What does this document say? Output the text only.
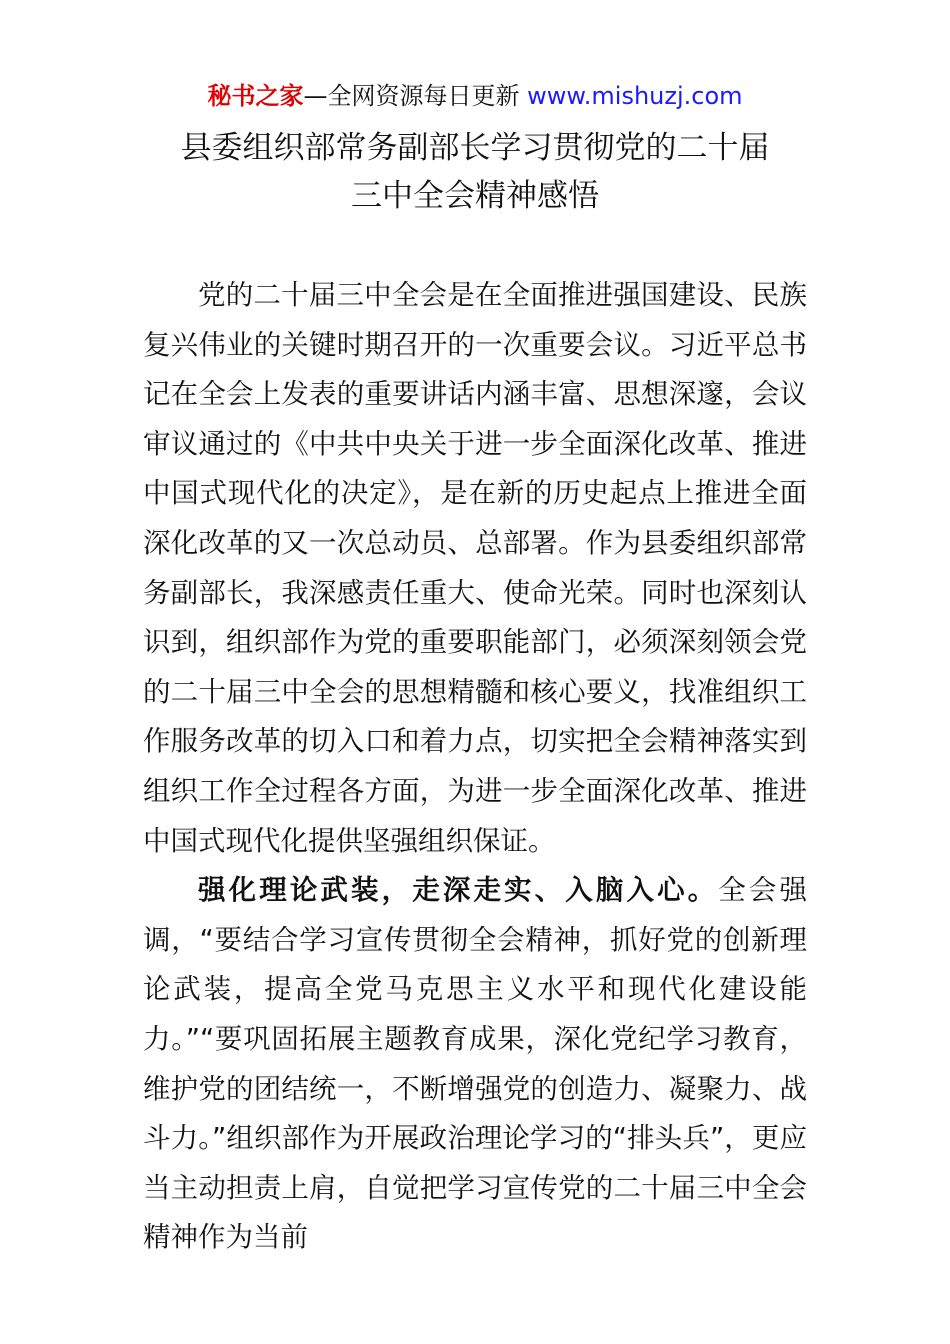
秘书之家—全网资源每日更新 www.mishuzj.com
县委组织部常务副部长学习贯彻党的二十届
三中全会精神感悟

党的二十届三中全会是在全面推进强国建设、民族复兴伟业的关键时期召开的一次重要会议。习近平总书记在全会上发表的重要讲话内涵丰富、思想深邃，会议审议通过的《中共中央关于进一步全面深化改革、推进中国式现代化的决定》，是在新的历史起点上推进全面深化改革的又一次总动员、总部署。作为县委组织部常务副部长，我深感责任重大、使命光荣。同时也深刻认识到，组织部作为党的重要职能部门，必须深刻领会党的二十届三中全会的思想精髓和核心要义，找准组织工作服务改革的切入口和着力点，切实把全会精神落实到组织工作全过程各方面，为进一步全面深化改革、推进中国式现代化提供坚强组织保证。

强化理论武装，走深走实、入脑入心。全会强调，“要结合学习宣传贯彻全会精神，抓好党的创新理论武装，提高全党马克思主义水平和现代化建设能力。”“要巩固拓展主题教育成果，深化党纪学习教育，维护党的团结统一，不断增强党的创造力、凝聚力、战斗力。”组织部作为开展政治理论学习的“排头兵”，更应当主动担责上肩，自觉把学习宣传党的二十届三中全会精神作为当前
